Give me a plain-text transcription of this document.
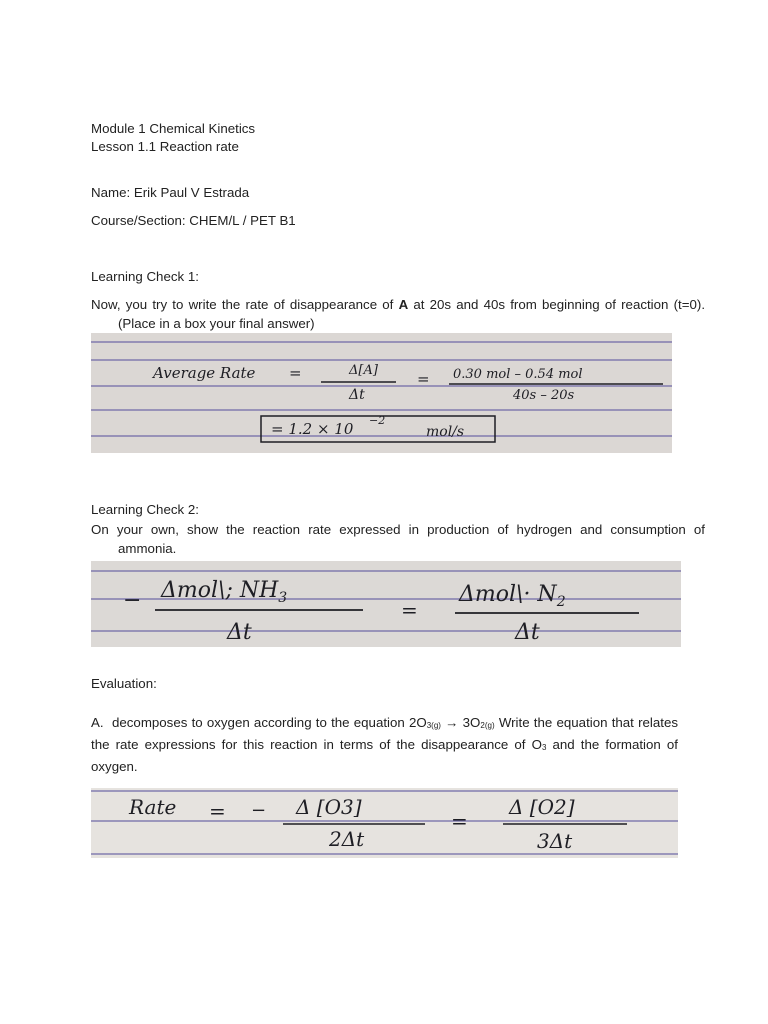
Module 1 Chemical Kinetics

Lesson 1.1 Reaction rate

Name: Erik Paul V Estrada

Course/Section: CHEM/L / PET B1

Learning Check 1:

Now, you try to write the rate of disappearance of A at 20s and 40s from beginning of reaction (t=0). (Place in a box your final answer)

Average Rate =	Δ[A]
Δt
= 0.30 mol – 0.54 mol
40s – 20s
= 1.2 × 10 −2
mol/s

Learning Check 2:

On your own, show the reaction rate expressed in production of hydrogen and consumption of ammonia.

− Δmol\; $NH_3$
Δt
=
Δmol\· $N_2$
Δt

Evaluation:

A. decomposes to oxygen according to the equation $2O_{3(g)} \to 3O_{2(g)}$ Write the equation that relates the rate expressions for this reaction in terms of the disappearance of $O_3$ and the formation of oxygen.

Rate = − Δ [O3]
2Δt
=
Δ [O2]
3Δt
